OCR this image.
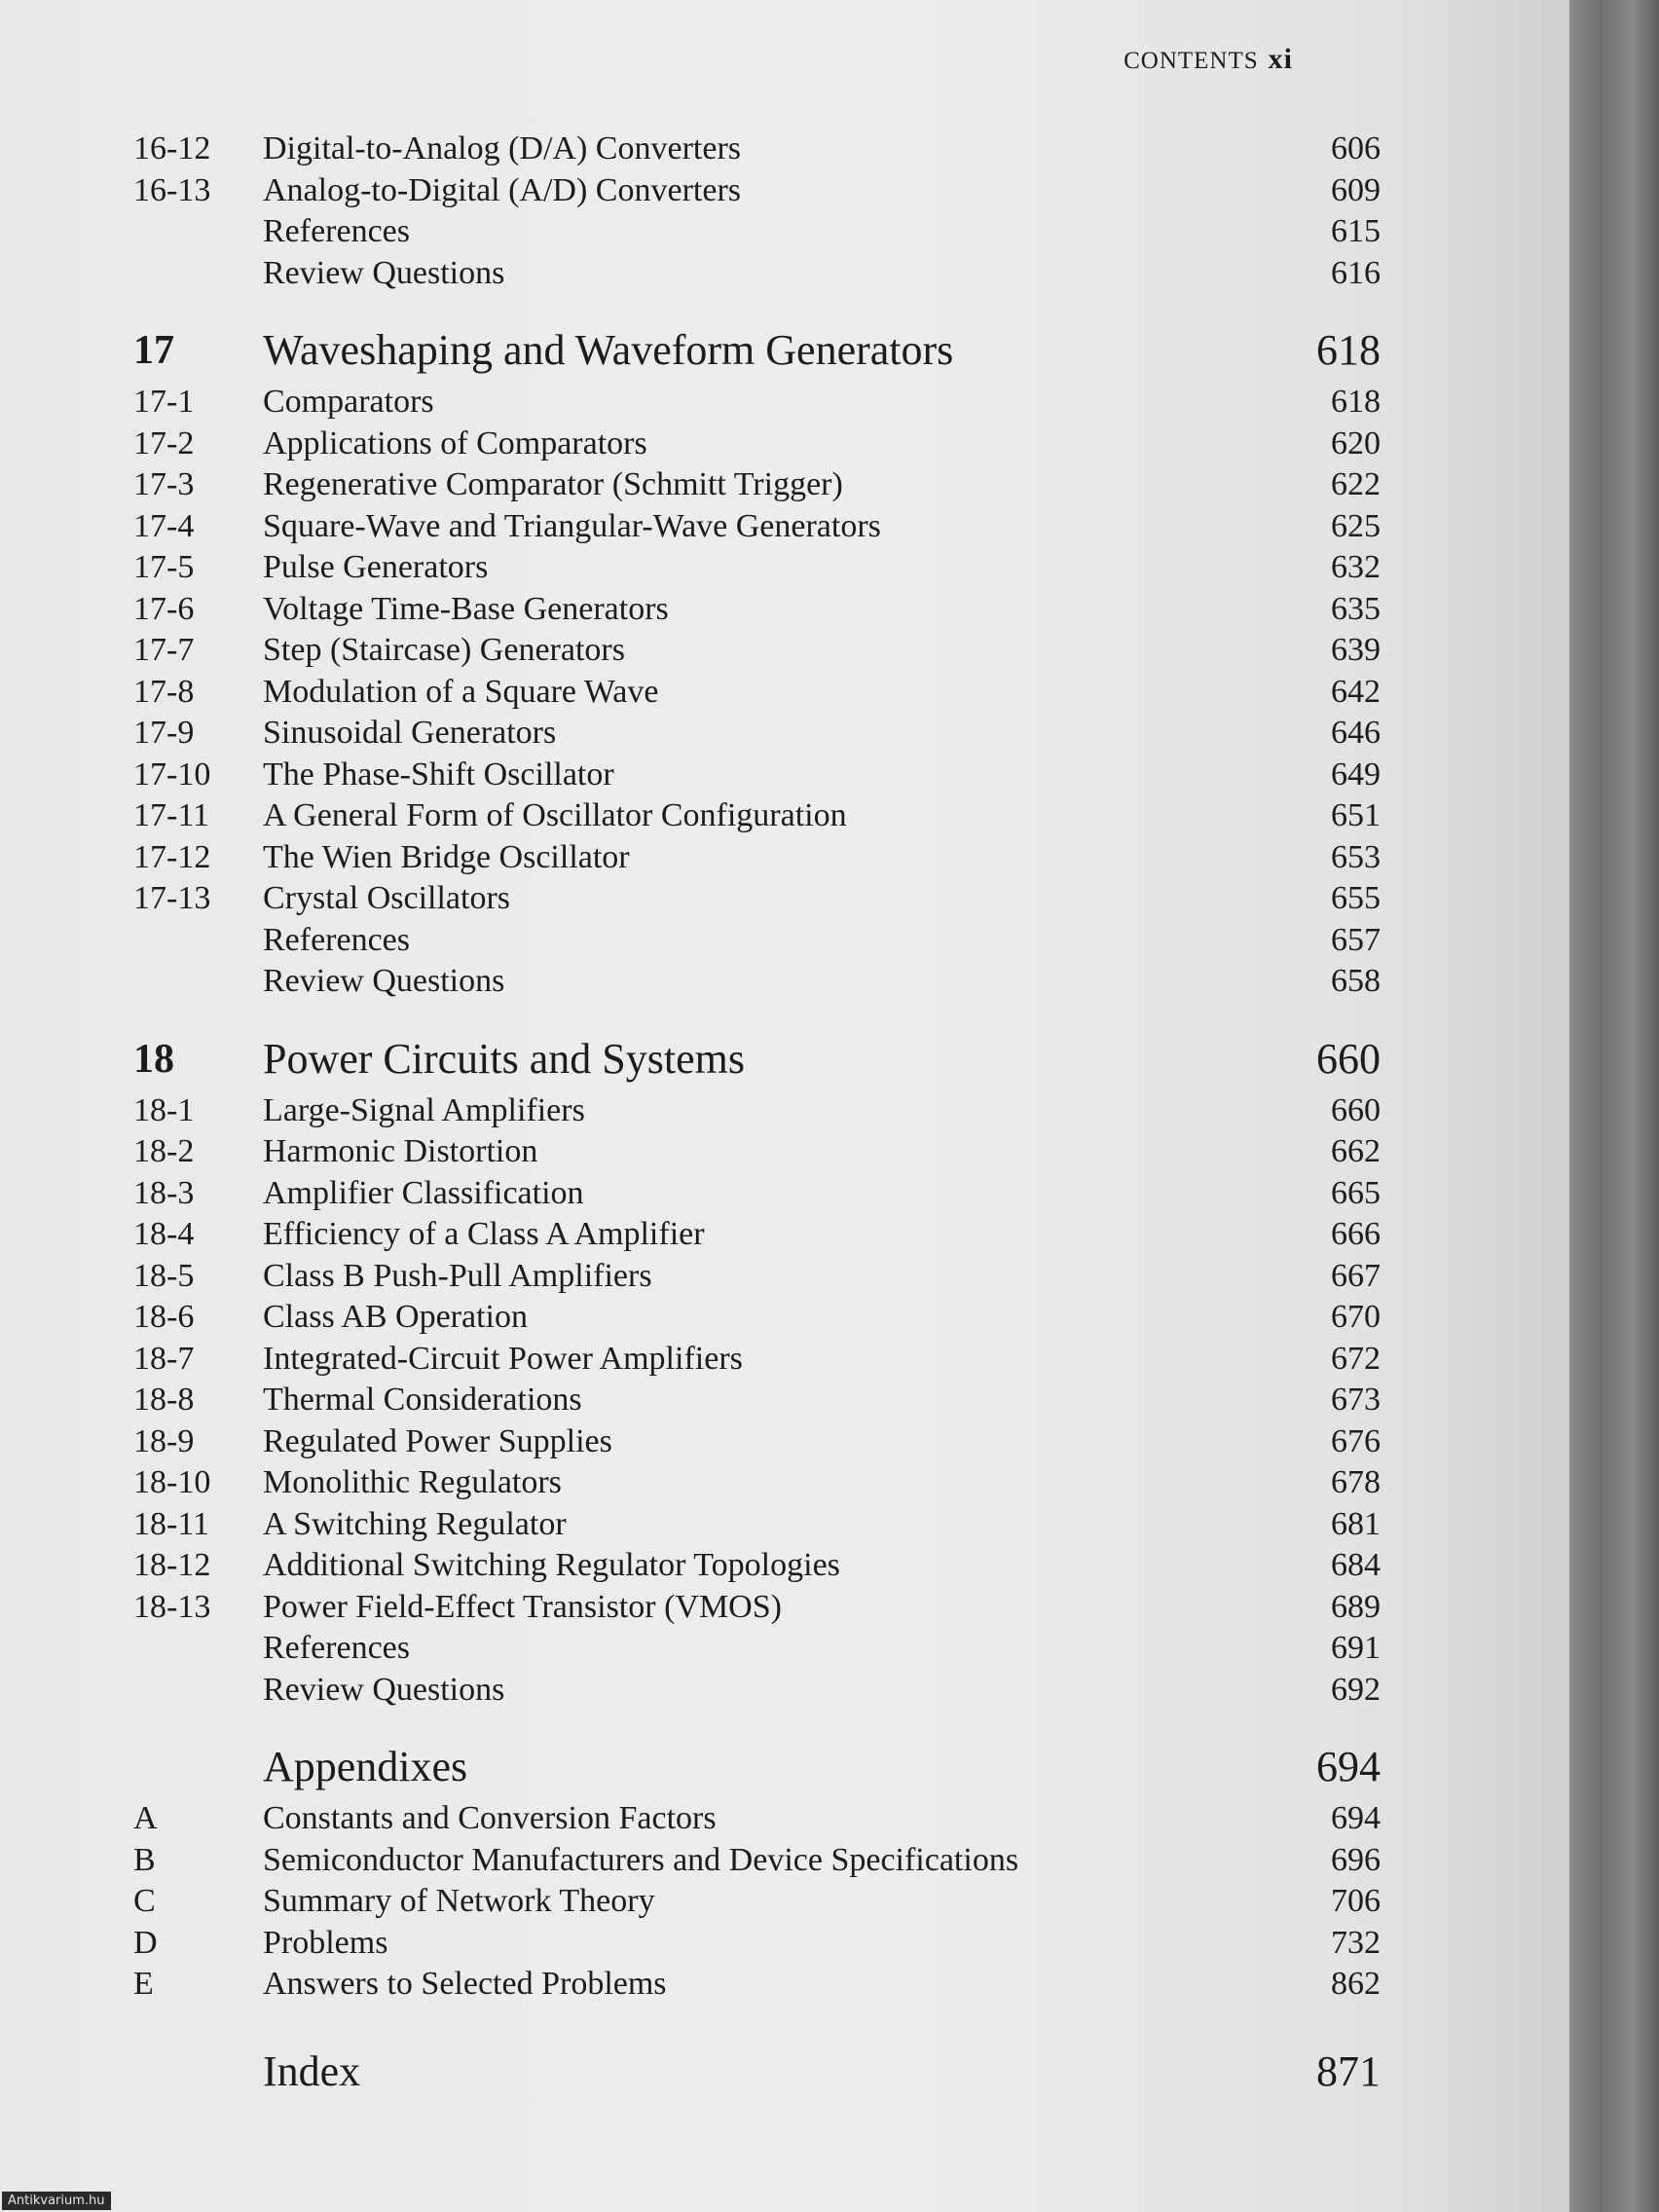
CONTENTS xi
16-12 Digital-to-Analog (D/A) Converters	606
16-13 Analog-to-Digital (A/D) Converters	609
References	615
Review Questions	616
17 Waveshaping and Waveform Generators	618
17-1 Comparators	618
17-2 Applications of Comparators	620
17-3 Regenerative Comparator (Schmitt Trigger)	622
17-4 Square-Wave and Triangular-Wave Generators	625
17-5 Pulse Generators	632
17-6 Voltage Time-Base Generators	635
17-7 Step (Staircase) Generators	639
17-8 Modulation of a Square Wave	642
17-9 Sinusoidal Generators	646
17-10 The Phase-Shift Oscillator	649
17-11 A General Form of Oscillator Configuration	651
17-12 The Wien Bridge Oscillator	653
17-13 Crystal Oscillators	655
References	657
Review Questions	658
18 Power Circuits and Systems	660
18-1 Large-Signal Amplifiers	660
18-2 Harmonic Distortion	662
18-3 Amplifier Classification	665
18-4 Efficiency of a Class A Amplifier	666
18-5 Class B Push-Pull Amplifiers	667
18-6 Class AB Operation	670
18-7 Integrated-Circuit Power Amplifiers	672
18-8 Thermal Considerations	673
18-9 Regulated Power Supplies	676
18-10 Monolithic Regulators	678
18-11 A Switching Regulator	681
18-12 Additional Switching Regulator Topologies	684
18-13 Power Field-Effect Transistor (VMOS)	689
References	691
Review Questions	692
Appendixes	694
A	Constants and Conversion Factors	694
B	Semiconductor Manufacturers and Device Specifications	696
C	Summary of Network Theory	706
D	Problems	732
E	Answers to Selected Problems	862
Index	871
Antikvarium.hu
